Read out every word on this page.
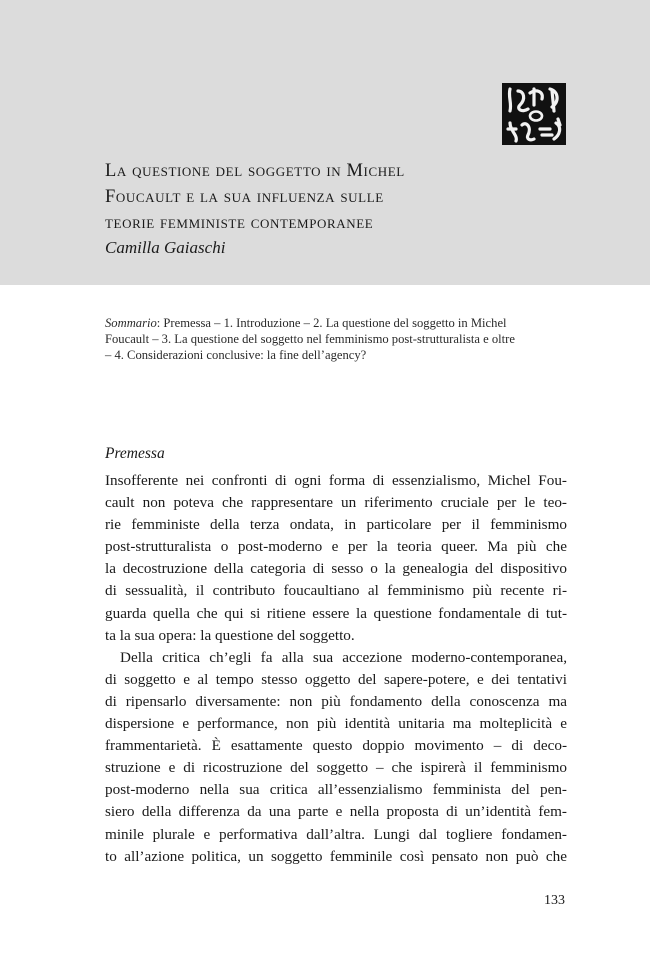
La questione del soggetto in Michel
Foucault e la sua influenza sulle
teorie femministe contemporanee
Camilla Gaiaschi
Sommario: Premessa – 1. Introduzione – 2. La questione del soggetto in Michel
Foucault – 3. La questione del soggetto nel femminismo post-strutturalista e oltre
– 4. Considerazioni conclusive: la fine dell’agency?
Premessa
Insofferente nei confronti di ogni forma di essenzialismo, Michel Fou-
cault non poteva che rappresentare un riferimento cruciale per le teo-
rie femministe della terza ondata, in particolare per il femminismo
post-strutturalista o post-moderno e per la teoria queer. Ma più che
la decostruzione della categoria di sesso o la genealogia del dispositivo
di sessualità, il contributo foucaultiano al femminismo più recente ri-
guarda quella che qui si ritiene essere la questione fondamentale di tut-
ta la sua opera: la questione del soggetto.
Della critica ch’egli fa alla sua accezione moderno-contemporanea,
di soggetto e al tempo stesso oggetto del sapere-potere, e dei tentativi
di ripensarlo diversamente: non più fondamento della conoscenza ma
dispersione e performance, non più identità unitaria ma molteplicità e
frammentarietà. È esattamente questo doppio movimento – di deco-
struzione e di ricostruzione del soggetto – che ispirerà il femminismo
post-moderno nella sua critica all’essenzialismo femminista del pen-
siero della differenza da una parte e nella proposta di un’identità fem-
minile plurale e performativa dall’altra. Lungi dal togliere fondamen-
to all’azione politica, un soggetto femminile così pensato non può che
133
